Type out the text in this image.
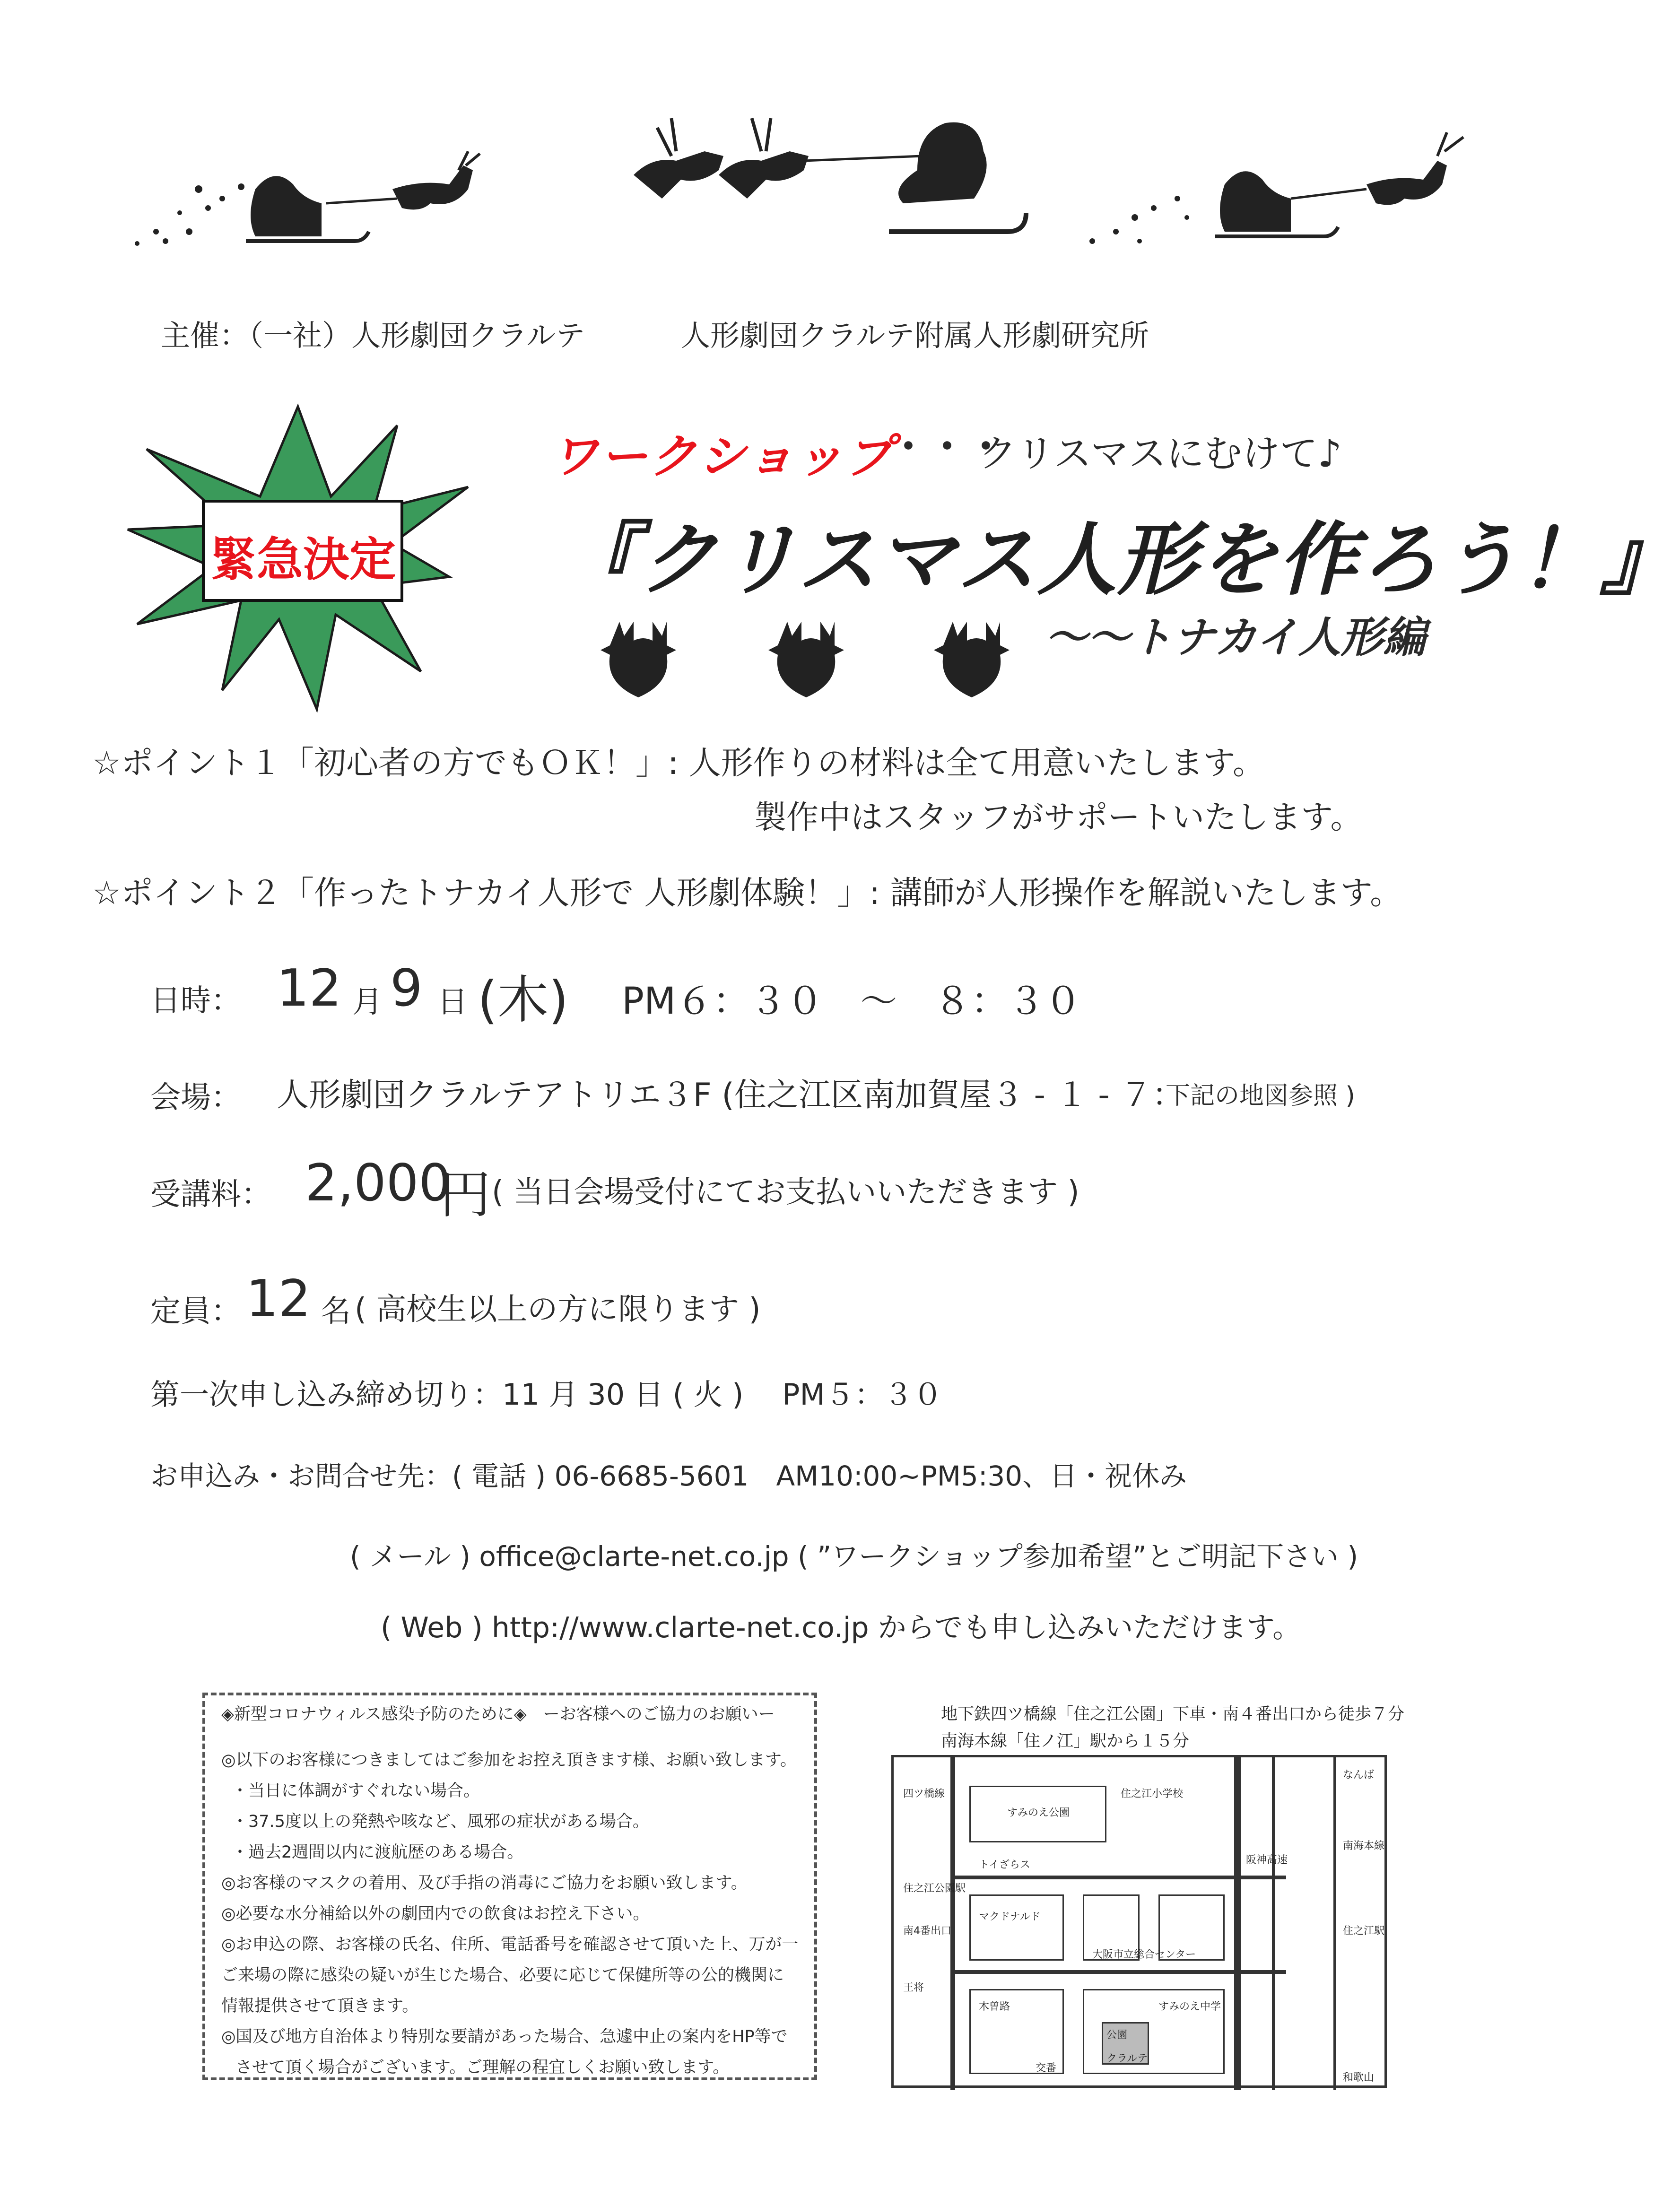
主催：（一社）人形劇団クラルテ	人形劇団クラルテ附属人形劇研究所
緊急決定
ワークショップ
・・・
クリスマスにむけて♪
『クリスマス人形を作ろう！』
〜〜トナカイ人形編
☆ポイント１「初心者の方でもＯＫ！」: 人形作りの材料は全て用意いたします。
製作中はスタッフがサポートいたします。
☆ポイント２「作ったトナカイ人形で 人形劇体験！」: 講師が人形操作を解説いたします。
日時： 12 月 9 日 (木) PM６：３０　～　８：３０
会場： 人形劇団クラルテアトリエ３F (住之江区南加賀屋３ - １ - ７：
下記の地図参照 )
受講料： 2,000
円 ( 当日会場受付にてお支払いいただきます )
定員： 12 名 ( 高校生以上の方に限ります )
第一次申し込み締め切り：11 月 30 日 ( 火 )　 PM５：３０
お申込み・お問合せ先：( 電話 ) 06-6685-5601　AM10:00~PM5:30、日・祝休み
( メール ) office@clarte-net.co.jp ( ”ワークショップ参加希望”とご明記下さい )
( Web ) http://www.clarte-net.co.jp からでも申し込みいただけます。
◈新型コロナウィルス感染予防のために◈　ーお客様へのご協力のお願いー
◎以下のお客様につきましてはご参加をお控え頂きます様、お願い致します。
・当日に体調がすぐれない場合。
・37.5度以上の発熱や咳など、風邪の症状がある場合。
・過去2週間以内に渡航歴のある場合。
◎お客様のマスクの着用、及び手指の消毒にご協力をお願い致します。
◎必要な水分補給以外の劇団内での飲食はお控え下さい。
◎お申込の際、お客様の氏名、住所、電話番号を確認させて頂いた上、万が一
ご来場の際に感染の疑いが生じた場合、必要に応じて保健所等の公的機関に
情報提供させて頂きます。
◎国及び地方自治体より特別な要請があった場合、急遽中止の案内をHP等で
させて頂く場合がございます。ご理解の程宜しくお願い致します。
地下鉄四ツ橋線「住之江公園」下車・南４番出口から徒歩７分
南海本線「住ノ江」駅から１５分
四ツ橋線
住之江公園駅
南4番出口
王将
すみのえ公園
トイざらス
マクドナルド
住之江小学校
大阪市立総合センター
木曽路	すみのえ中学
公園
クラルテ
交番
阪神高速
南海本線
住之江駅
なんば
和歌山
